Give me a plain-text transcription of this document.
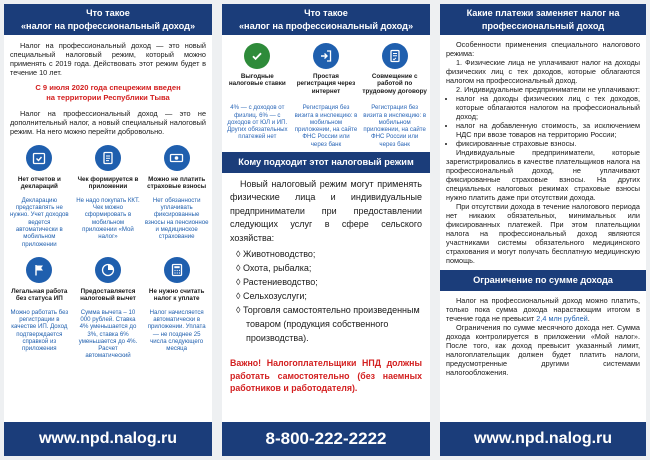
Что такое
«налог на профессиональный доход»

Налог на профессиональный доход — это новый специальный налоговый режим, который можно применять с 2019 года. Действовать этот режим будет в течение 10 лет.

С 9 июля 2020 года спецрежим введен
на территории Республики Тыва

Налог на профессиональный доход — это не дополнительный налог, а новый специальный налоговый режим. На него можно перейти добровольно.

Нет отчетов и деклараций
Чек формируется в приложении
Можно не платить страховые взносы
Декларацию представлять не нужно. Учет доходов ведется автоматически в мобильном приложении
Не надо покупать ККТ. Чек можно сформировать в мобильном приложении «Мой налог»
Нет обязанности уплачивать фиксированные взносы на пенсионное и медицинское страхование
Легальная работа без статуса ИП
Предоставляется налоговый вычет
Не нужно считать налог к уплате
Можно работать без регистрации в качестве ИП. Доход подтверждается справкой из приложения
Сумма вычета – 10 000 рублей. Ставка 4% уменьшается до 3%, ставка 6% уменьшается до 4%. Расчет автоматический
Налог начисляется автоматически в приложении. Уплата — не позднее 25 числа следующего месяца
www.npd.nalog.ru
Что такое
«налог на профессиональный доход»
Выгодные налоговые ставки
Простая регистрация через интернет
Совмещение с работой по трудовому договору
4% — с доходов от физлиц. 6% — с доходов от ЮЛ и ИП. Других обязательных платежей нет
Регистрация без визита в инспекцию: в мобильном приложении, на сайте ФНС России или через банк
Регистрация без визита в инспекцию: в мобильном приложении, на сайте ФНС России или через банк
Кому подходит этот налоговый режим

Новый налоговый режим могут применять физические лица и индивидуальные предприниматели при предоставлении следующих услуг в сфере сельского хозяйства:

◊ Животноводство;
◊ Охота, рыбалка;
◊ Растениеводство;
◊ Сельхозуслуги;
◊ Торговля самостоятельно произведенным товаром (продукция собственного производства).

Важно! Налогоплательщики НПД должны работать самостоятельно (без наемных работников и работодателя).

8-800-222-2222
Какие платежи заменяет налог на
профессиональный доход

Особенности применения специального налогового режима:

1. Физические лица не уплачивают налог на доходы физических лиц с тех доходов, которые облагаются налогом на профессиональный доход.

2. Индивидуальные предприниматели не уплачивают:

• налог на доходы физических лиц с тех доходов, которые облагаются налогом на профессиональный доход;
• налог на добавленную стоимость, за исключением НДС при ввозе товаров на территорию России;
• фиксированные страховые взносы.

Индивидуальные предприниматели, которые зарегистрировались в качестве плательщиков налога на профессиональный доход, не уплачивают фиксированные страховые взносы. На других специальных налоговых режимах страховые взносы нужно платить даже при отсутствии дохода.

При отсутствии дохода в течение налогового периода нет никаких обязательных, минимальных или фиксированных платежей. При этом плательщики налога на профессиональный доход являются участниками системы обязательного медицинского страхования и могут получать бесплатную медицинскую помощь.

Ограничение по сумме дохода

Налог на профессиональный доход можно платить, только пока сумма дохода нарастающим итогом в течение года не превысит 2,4 млн рублей.

Ограничения по сумме месячного дохода нет. Сумма дохода контролируется в приложении «Мой налог». После того, как доход превысит указанный лимит, налогоплательщик должен будет платить налоги, предусмотренные другими системами налогообложения.

www.npd.nalog.ru
